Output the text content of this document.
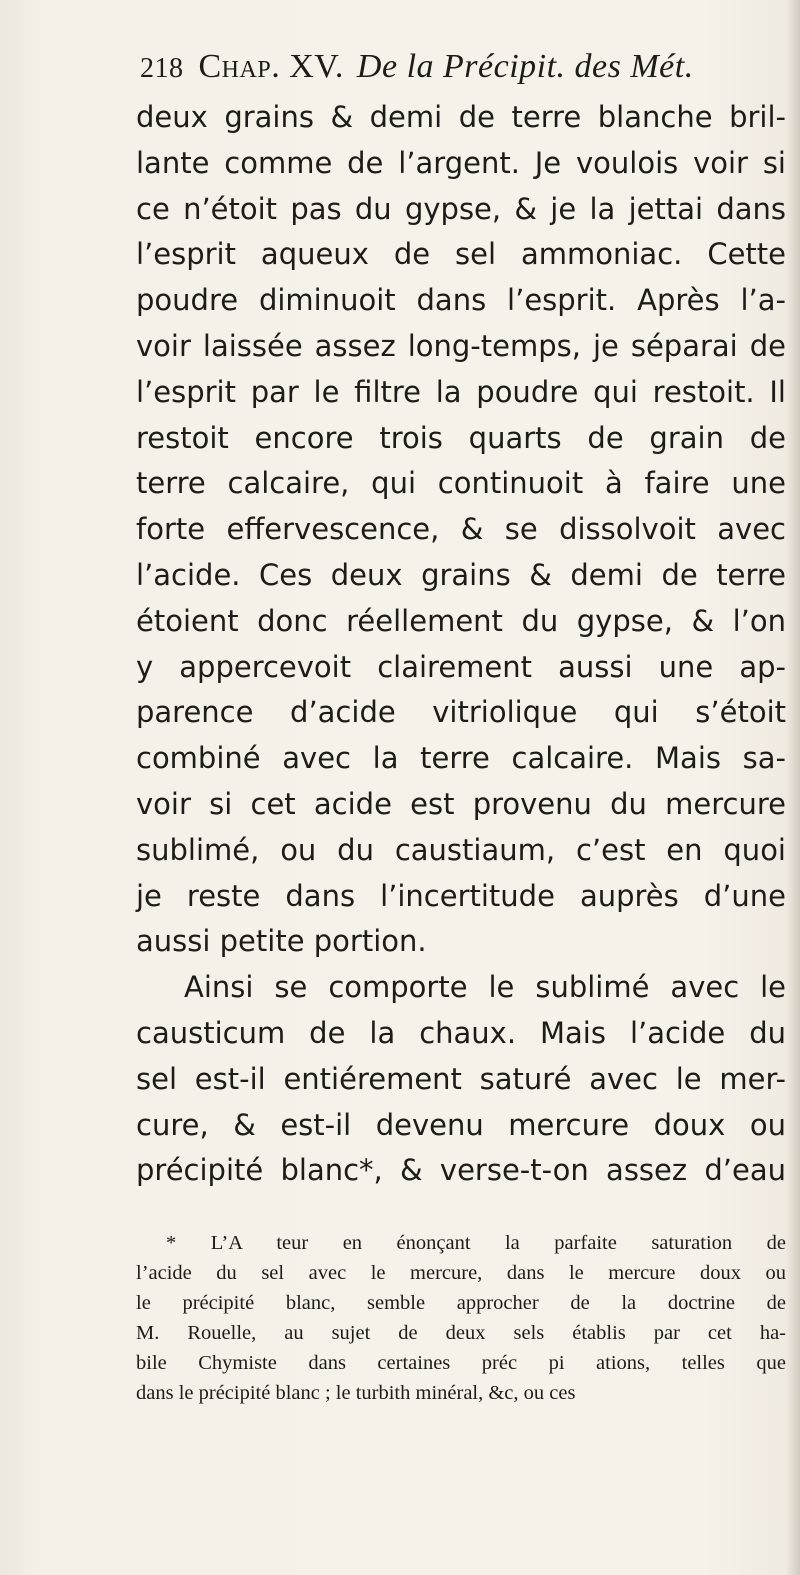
218 Chap. XV. De la Précipit. des Mét.
deux grains & demi de terre blanche bril-
lante comme de l’argent. Je voulois voir si
ce n’étoit pas du gypse, & je la jettai dans
l’esprit aqueux de sel ammoniac. Cette
poudre diminuoit dans l’esprit. Après l’a-
voir laissée assez long-temps, je séparai de
l’esprit par le filtre la poudre qui restoit. Il
restoit encore trois quarts de grain de
terre calcaire, qui continuoit à faire une
forte effervescence, & se dissolvoit avec
l’acide. Ces deux grains & demi de terre
étoient donc réellement du gypse, & l’on
y appercevoit clairement aussi une ap-
parence d’acide vitriolique qui s’étoit
combiné avec la terre calcaire. Mais sa-
voir si cet acide est provenu du mercure
sublimé, ou du caustiaum, c’est en quoi
je reste dans l’incertitude auprès d’une
aussi petite portion.
Ainsi se comporte le sublimé avec le
causticum de la chaux. Mais l’acide du
sel est-il entiérement saturé avec le mer-
cure, & est-il devenu mercure doux ou
précipité blanc*, & verse-t-on assez d’eau
* L’A teur en énonçant la parfaite saturation de
l’acide du sel avec le mercure, dans le mercure doux ou
le précipité blanc, semble approcher de la doctrine de
M. Rouelle, au sujet de deux sels établis par cet ha-
bile Chymiste dans certaines préc pi ations, telles que
dans le précipité blanc ; le turbith minéral, &c, ou ces
